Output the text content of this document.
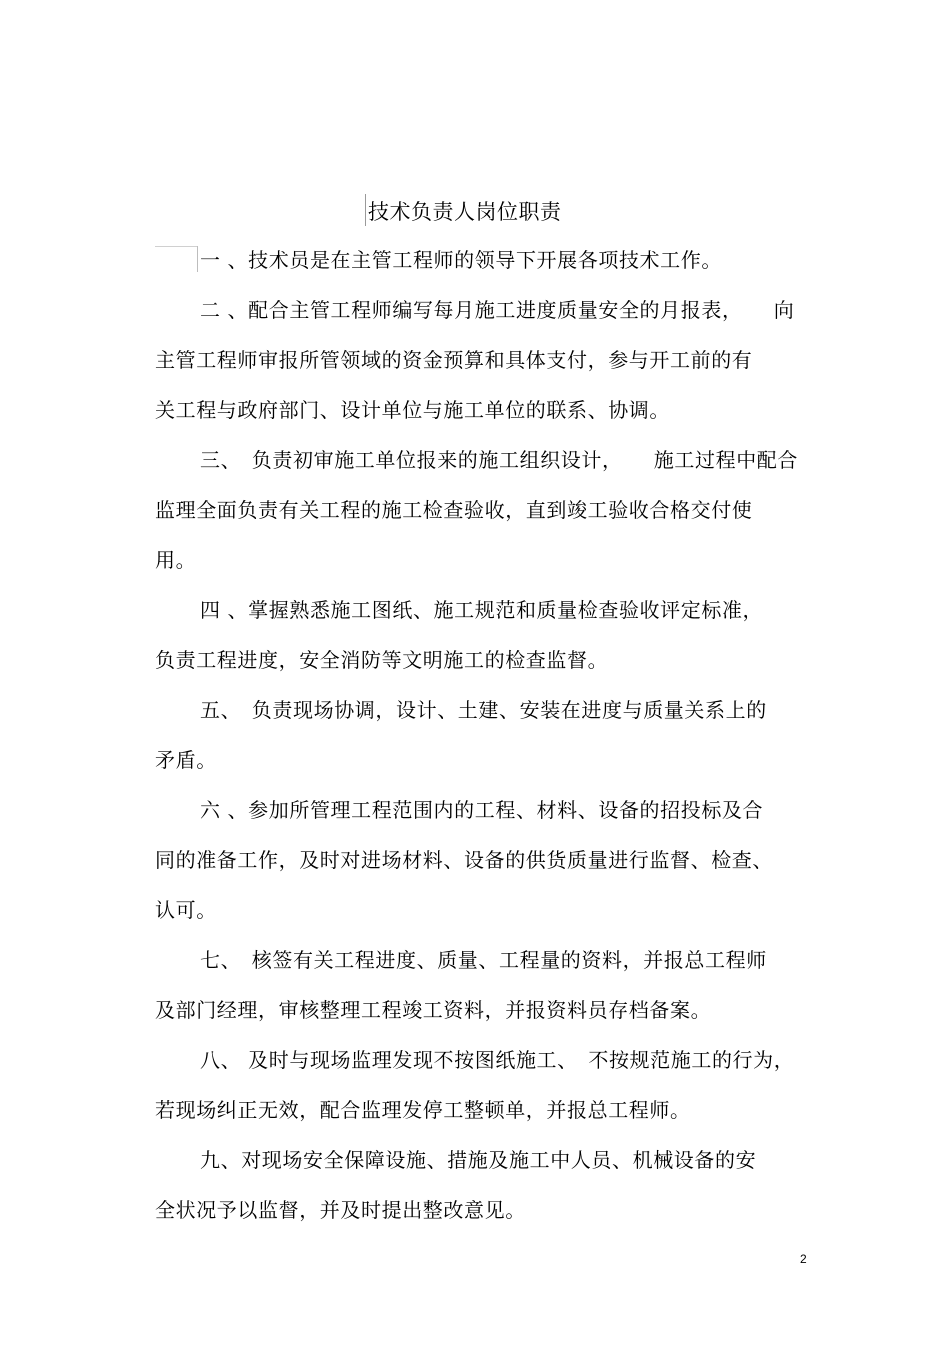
技术负责人岗位职责
一 、技术员是在主管工程师的领导下开展各项技术工作。
二 、配合主管工程师编写每月施工进度质量安全的月报表，　　向
主管工程师审报所管领域的资金预算和具体支付，参与开工前的有
关工程与政府部门、设计单位与施工单位的联系、协调。
三、　负责初审施工单位报来的施工组织设计，　　施工过程中配合
监理全面负责有关工程的施工检查验收，直到竣工验收合格交付使
用。
四 、掌握熟悉施工图纸、施工规范和质量检查验收评定标准，
负责工程进度，安全消防等文明施工的检查监督。
五、　负责现场协调，设计、土建、安装在进度与质量关系上的
矛盾。
六 、参加所管理工程范围内的工程、材料、设备的招投标及合
同的准备工作，及时对进场材料、设备的供货质量进行监督、检查、
认可。
七、　核签有关工程进度、质量、工程量的资料，并报总工程师
及部门经理，审核整理工程竣工资料，并报资料员存档备案。
八、 及时与现场监理发现不按图纸施工、　不按规范施工的行为，
若现场纠正无效，配合监理发停工整顿单，并报总工程师。
九、对现场安全保障设施、措施及施工中人员、机械设备的安
全状况予以监督，并及时提出整改意见。
2
